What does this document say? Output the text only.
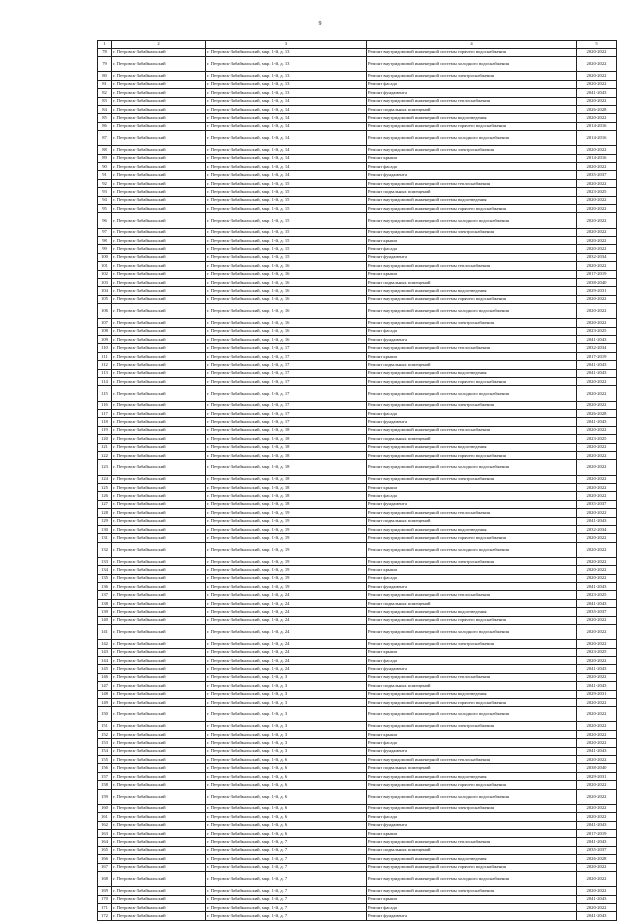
9
1	2	3	4	5
78	г. Петровск-Забайкальский	г. Петровск-Забайкальский, мкр. 1-й, д. 13	Ремонт внутридомовой инженерной системы горячего водоснабжения	2020-2022
79	г. Петровск-Забайкальский	г. Петровск-Забайкальский, мкр. 1-й, д. 13	Ремонт внутридомовой инженерной системы холодного водоснабжения	2020-2022
80	г. Петровск-Забайкальский	г. Петровск-Забайкальский, мкр. 1-й, д. 13	Ремонт внутридомовой инженерной системы электроснабжения	2020-2022
81	г. Петровск-Забайкальский	г. Петровск-Забайкальский, мкр. 1-й, д. 13	Ремонт фасада	2020-2022
82	г. Петровск-Забайкальский	г. Петровск-Забайкальский, мкр. 1-й, д. 13	Ремонт фундамента	2041-2043
83	г. Петровск-Забайкальский	г. Петровск-Забайкальский, мкр. 1-й, д. 14	Ремонт внутридомовой инженерной системы теплоснабжения	2020-2022
84	г. Петровск-Забайкальский	г. Петровск-Забайкальский, мкр. 1-й, д. 14	Ремонт подвальных помещений	2026-2028
85	г. Петровск-Забайкальский	г. Петровск-Забайкальский, мкр. 1-й, д. 14	Ремонт внутридомовой инженерной системы водоотведения	2020-2022
86	г. Петровск-Забайкальский	г. Петровск-Забайкальский, мкр. 1-й, д. 14	Ремонт внутридомовой инженерной системы горячего водоснабжения	2014-2016
87	г. Петровск-Забайкальский	г. Петровск-Забайкальский, мкр. 1-й, д. 14	Ремонт внутридомовой инженерной системы холодного водоснабжения	2014-2016
88	г. Петровск-Забайкальский	г. Петровск-Забайкальский, мкр. 1-й, д. 14	Ремонт внутридомовой инженерной системы электроснабжения	2020-2022
89	г. Петровск-Забайкальский	г. Петровск-Забайкальский, мкр. 1-й, д. 14	Ремонт крыши	2014-2016
90	г. Петровск-Забайкальский	г. Петровск-Забайкальский, мкр. 1-й, д. 14	Ремонт фасада	2020-2022
91	г. Петровск-Забайкальский	г. Петровск-Забайкальский, мкр. 1-й, д. 14	Ремонт фундамента	2035-2037
92	г. Петровск-Забайкальский	г. Петровск-Забайкальский, мкр. 1-й, д. 15	Ремонт внутридомовой инженерной системы теплоснабжения	2020-2022
93	г. Петровск-Забайкальский	г. Петровск-Забайкальский, мкр. 1-й, д. 15	Ремонт подвальных помещений	2023-2025
94	г. Петровск-Забайкальский	г. Петровск-Забайкальский, мкр. 1-й, д. 15	Ремонт внутридомовой инженерной системы водоотведения	2020-2022
95	г. Петровск-Забайкальский	г. Петровск-Забайкальский, мкр. 1-й, д. 15	Ремонт внутридомовой инженерной системы горячего водоснабжения	2020-2022
96	г. Петровск-Забайкальский	г. Петровск-Забайкальский, мкр. 1-й, д. 15	Ремонт внутридомовой инженерной системы холодного водоснабжения	2020-2022
97	г. Петровск-Забайкальский	г. Петровск-Забайкальский, мкр. 1-й, д. 15	Ремонт внутридомовой инженерной системы электроснабжения	2020-2022
98	г. Петровск-Забайкальский	г. Петровск-Забайкальский, мкр. 1-й, д. 15	Ремонт крыши	2020-2022
99	г. Петровск-Забайкальский	г. Петровск-Забайкальский, мкр. 1-й, д. 15	Ремонт фасада	2020-2022
100	г. Петровск-Забайкальский	г. Петровск-Забайкальский, мкр. 1-й, д. 15	Ремонт фундамента	2032-2034
101	г. Петровск-Забайкальский	г. Петровск-Забайкальский, мкр. 1-й, д. 16	Ремонт внутридомовой инженерной системы теплоснабжения	2020-2022
102	г. Петровск-Забайкальский	г. Петровск-Забайкальский, мкр. 1-й, д. 16	Ремонт крыши	2017-2019
103	г. Петровск-Забайкальский	г. Петровск-Забайкальский, мкр. 1-й, д. 16	Ремонт подвальных помещений	2038-2040
104	г. Петровск-Забайкальский	г. Петровск-Забайкальский, мкр. 1-й, д. 16	Ремонт внутридомовой инженерной системы водоотведения	2029-2031
105	г. Петровск-Забайкальский	г. Петровск-Забайкальский, мкр. 1-й, д. 16	Ремонт внутридомовой инженерной системы горячего водоснабжения	2020-2022
106	г. Петровск-Забайкальский	г. Петровск-Забайкальский, мкр. 1-й, д. 16	Ремонт внутридомовой инженерной системы холодного водоснабжения	2020-2022
107	г. Петровск-Забайкальский	г. Петровск-Забайкальский, мкр. 1-й, д. 16	Ремонт внутридомовой инженерной системы электроснабжения	2020-2022
108	г. Петровск-Забайкальский	г. Петровск-Забайкальский, мкр. 1-й, д. 16	Ремонт фасада	2023-2025
109	г. Петровск-Забайкальский	г. Петровск-Забайкальский, мкр. 1-й, д. 16	Ремонт фундамента	2041-2043
110	г. Петровск-Забайкальский	г. Петровск-Забайкальский, мкр. 1-й, д. 17	Ремонт внутридомовой инженерной системы теплоснабжения	2032-2034
111	г. Петровск-Забайкальский	г. Петровск-Забайкальский, мкр. 1-й, д. 17	Ремонт крыши	2017-2019
112	г. Петровск-Забайкальский	г. Петровск-Забайкальский, мкр. 1-й, д. 17	Ремонт подвальных помещений	2041-2043
113	г. Петровск-Забайкальский	г. Петровск-Забайкальский, мкр. 1-й, д. 17	Ремонт внутридомовой инженерной системы водоотведения	2041-2043
114	г. Петровск-Забайкальский	г. Петровск-Забайкальский, мкр. 1-й, д. 17	Ремонт внутридомовой инженерной системы горячего водоснабжения	2020-2022
115	г. Петровск-Забайкальский	г. Петровск-Забайкальский, мкр. 1-й, д. 17	Ремонт внутридомовой инженерной системы холодного водоснабжения	2020-2022
116	г. Петровск-Забайкальский	г. Петровск-Забайкальский, мкр. 1-й, д. 17	Ремонт внутридомовой инженерной системы электроснабжения	2020-2022
117	г. Петровск-Забайкальский	г. Петровск-Забайкальский, мкр. 1-й, д. 17	Ремонт фасада	2026-2028
118	г. Петровск-Забайкальский	г. Петровск-Забайкальский, мкр. 1-й, д. 17	Ремонт фундамента	2041-2043
119	г. Петровск-Забайкальский	г. Петровск-Забайкальский, мкр. 1-й, д. 18	Ремонт внутридомовой инженерной системы теплоснабжения	2020-2022
120	г. Петровск-Забайкальский	г. Петровск-Забайкальский, мкр. 1-й, д. 18	Ремонт подвальных помещений	2023-2025
121	г. Петровск-Забайкальский	г. Петровск-Забайкальский, мкр. 1-й, д. 18	Ремонт внутридомовой инженерной системы водоотведения	2020-2022
122	г. Петровск-Забайкальский	г. Петровск-Забайкальский, мкр. 1-й, д. 18	Ремонт внутридомовой инженерной системы горячего водоснабжения	2020-2022
123	г. Петровск-Забайкальский	г. Петровск-Забайкальский, мкр. 1-й, д. 18	Ремонт внутридомовой инженерной системы холодного водоснабжения	2020-2022
124	г. Петровск-Забайкальский	г. Петровск-Забайкальский, мкр. 1-й, д. 18	Ремонт внутридомовой инженерной системы электроснабжения	2020-2022
125	г. Петровск-Забайкальский	г. Петровск-Забайкальский, мкр. 1-й, д. 18	Ремонт крыши	2020-2022
126	г. Петровск-Забайкальский	г. Петровск-Забайкальский, мкр. 1-й, д. 18	Ремонт фасада	2020-2022
127	г. Петровск-Забайкальский	г. Петровск-Забайкальский, мкр. 1-й, д. 18	Ремонт фундамента	2035-2037
128	г. Петровск-Забайкальский	г. Петровск-Забайкальский, мкр. 1-й, д. 19	Ремонт внутридомовой инженерной системы теплоснабжения	2020-2022
129	г. Петровск-Забайкальский	г. Петровск-Забайкальский, мкр. 1-й, д. 19	Ремонт подвальных помещений	2041-2043
130	г. Петровск-Забайкальский	г. Петровск-Забайкальский, мкр. 1-й, д. 19	Ремонт внутридомовой инженерной системы водоотведения	2032-2034
131	г. Петровск-Забайкальский	г. Петровск-Забайкальский, мкр. 1-й, д. 19	Ремонт внутридомовой инженерной системы горячего водоснабжения	2020-2022
132	г. Петровск-Забайкальский	г. Петровск-Забайкальский, мкр. 1-й, д. 19	Ремонт внутридомовой инженерной системы холодного водоснабжения	2020-2022
133	г. Петровск-Забайкальский	г. Петровск-Забайкальский, мкр. 1-й, д. 19	Ремонт внутридомовой инженерной системы электроснабжения	2020-2022
134	г. Петровск-Забайкальский	г. Петровск-Забайкальский, мкр. 1-й, д. 19	Ремонт крыши	2020-2022
135	г. Петровск-Забайкальский	г. Петровск-Забайкальский, мкр. 1-й, д. 19	Ремонт фасада	2020-2022
136	г. Петровск-Забайкальский	г. Петровск-Забайкальский, мкр. 1-й, д. 19	Ремонт фундамента	2041-2043
137	г. Петровск-Забайкальский	г. Петровск-Забайкальский, мкр. 1-й, д. 24	Ремонт внутридомовой инженерной системы теплоснабжения	2023-2025
138	г. Петровск-Забайкальский	г. Петровск-Забайкальский, мкр. 1-й, д. 24	Ремонт подвальных помещений	2041-2043
139	г. Петровск-Забайкальский	г. Петровск-Забайкальский, мкр. 1-й, д. 24	Ремонт внутридомовой инженерной системы водоотведения	2035-2037
140	г. Петровск-Забайкальский	г. Петровск-Забайкальский, мкр. 1-й, д. 24	Ремонт внутридомовой инженерной системы горячего водоснабжения	2020-2022
141	г. Петровск-Забайкальский	г. Петровск-Забайкальский, мкр. 1-й, д. 24	Ремонт внутридомовой инженерной системы холодного водоснабжения	2020-2022
142	г. Петровск-Забайкальский	г. Петровск-Забайкальский, мкр. 1-й, д. 24	Ремонт внутридомовой инженерной системы электроснабжения	2020-2022
143	г. Петровск-Забайкальский	г. Петровск-Забайкальский, мкр. 1-й, д. 24	Ремонт крыши	2023-2025
144	г. Петровск-Забайкальский	г. Петровск-Забайкальский, мкр. 1-й, д. 24	Ремонт фасада	2020-2022
145	г. Петровск-Забайкальский	г. Петровск-Забайкальский, мкр. 1-й, д. 24	Ремонт фундамента	2041-2043
146	г. Петровск-Забайкальский	г. Петровск-Забайкальский, мкр. 1-й, д. 3	Ремонт внутридомовой инженерной системы теплоснабжения	2020-2022
147	г. Петровск-Забайкальский	г. Петровск-Забайкальский, мкр. 1-й, д. 3	Ремонт подвальных помещений	2041-2043
148	г. Петровск-Забайкальский	г. Петровск-Забайкальский, мкр. 1-й, д. 3	Ремонт внутридомовой инженерной системы водоотведения	2029-2031
149	г. Петровск-Забайкальский	г. Петровск-Забайкальский, мкр. 1-й, д. 3	Ремонт внутридомовой инженерной системы горячего водоснабжения	2020-2022
150	г. Петровск-Забайкальский	г. Петровск-Забайкальский, мкр. 1-й, д. 3	Ремонт внутридомовой инженерной системы холодного водоснабжения	2020-2022
151	г. Петровск-Забайкальский	г. Петровск-Забайкальский, мкр. 1-й, д. 3	Ремонт внутридомовой инженерной системы электроснабжения	2020-2022
152	г. Петровск-Забайкальский	г. Петровск-Забайкальский, мкр. 1-й, д. 3	Ремонт крыши	2020-2022
153	г. Петровск-Забайкальский	г. Петровск-Забайкальский, мкр. 1-й, д. 3	Ремонт фасада	2020-2022
154	г. Петровск-Забайкальский	г. Петровск-Забайкальский, мкр. 1-й, д. 3	Ремонт фундамента	2041-2043
155	г. Петровск-Забайкальский	г. Петровск-Забайкальский, мкр. 1-й, д. 6	Ремонт внутридомовой инженерной системы теплоснабжения	2020-2022
156	г. Петровск-Забайкальский	г. Петровск-Забайкальский, мкр. 1-й, д. 6	Ремонт подвальных помещений	2038-2040
157	г. Петровск-Забайкальский	г. Петровск-Забайкальский, мкр. 1-й, д. 6	Ремонт внутридомовой инженерной системы водоотведения	2029-2031
158	г. Петровск-Забайкальский	г. Петровск-Забайкальский, мкр. 1-й, д. 6	Ремонт внутридомовой инженерной системы горячего водоснабжения	2020-2022
159	г. Петровск-Забайкальский	г. Петровск-Забайкальский, мкр. 1-й, д. 6	Ремонт внутридомовой инженерной системы холодного водоснабжения	2020-2022
160	г. Петровск-Забайкальский	г. Петровск-Забайкальский, мкр. 1-й, д. 6	Ремонт внутридомовой инженерной системы электроснабжения	2020-2022
161	г. Петровск-Забайкальский	г. Петровск-Забайкальский, мкр. 1-й, д. 6	Ремонт фасада	2020-2022
162	г. Петровск-Забайкальский	г. Петровск-Забайкальский, мкр. 1-й, д. 6	Ремонт фундамента	2041-2043
163	г. Петровск-Забайкальский	г. Петровск-Забайкальский, мкр. 1-й, д. 6	Ремонт крыши	2017-2019
164	г. Петровск-Забайкальский	г. Петровск-Забайкальский, мкр. 1-й, д. 7	Ремонт внутридомовой инженерной системы теплоснабжения	2041-2043
165	г. Петровск-Забайкальский	г. Петровск-Забайкальский, мкр. 1-й, д. 7	Ремонт подвальных помещений	2035-2037
166	г. Петровск-Забайкальский	г. Петровск-Забайкальский, мкр. 1-й, д. 7	Ремонт внутридомовой инженерной системы водоотведения	2026-2028
167	г. Петровск-Забайкальский	г. Петровск-Забайкальский, мкр. 1-й, д. 7	Ремонт внутридомовой инженерной системы горячего водоснабжения	2020-2022
168	г. Петровск-Забайкальский	г. Петровск-Забайкальский, мкр. 1-й, д. 7	Ремонт внутридомовой инженерной системы холодного водоснабжения	2020-2022
169	г. Петровск-Забайкальский	г. Петровск-Забайкальский, мкр. 1-й, д. 7	Ремонт внутридомовой инженерной системы электроснабжения	2020-2022
170	г. Петровск-Забайкальский	г. Петровск-Забайкальский, мкр. 1-й, д. 7	Ремонт крыши	2041-2043
171	г. Петровск-Забайкальский	г. Петровск-Забайкальский, мкр. 1-й, д. 7	Ремонт фасада	2020-2022
172	г. Петровск-Забайкальский	г. Петровск-Забайкальский, мкр. 1-й, д. 7	Ремонт фундамента	2041-2043
